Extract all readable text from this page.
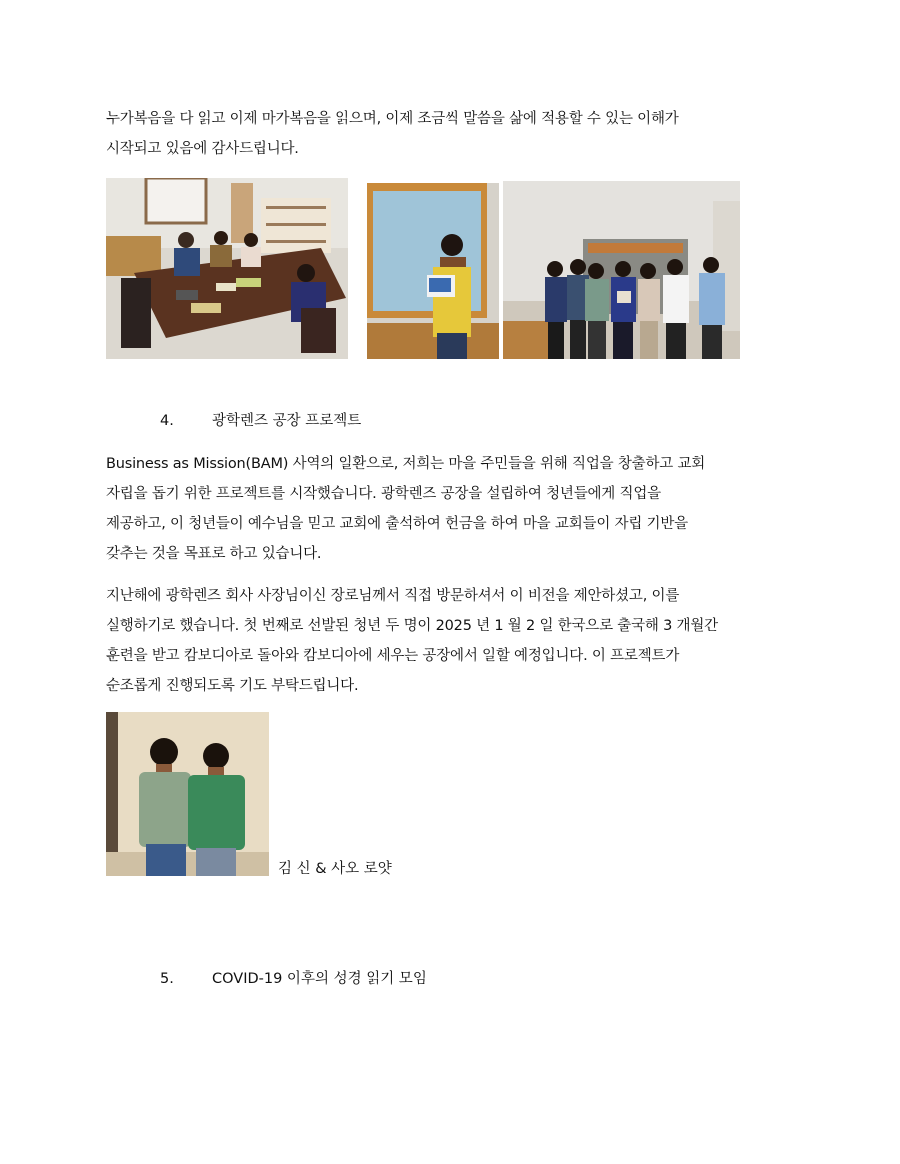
누가복음을 다 읽고 이제 마가복음을 읽으며, 이제 조금씩 말씀을 삶에 적용할 수 있는 이해가
시작되고 있음에 감사드립니다.
4.	광학렌즈 공장 프로젝트
Business as Mission(BAM) 사역의 일환으로, 저희는 마을 주민들을 위해 직업을 창출하고 교회
자립을 돕기 위한 프로젝트를 시작했습니다. 광학렌즈 공장을 설립하여 청년들에게 직업을
제공하고, 이 청년들이 예수님을 믿고 교회에 출석하여 헌금을 하여 마을 교회들이 자립 기반을
갖추는 것을 목표로 하고 있습니다.
지난해에 광학렌즈 회사 사장님이신 장로님께서 직접 방문하셔서 이 비전을 제안하셨고, 이를
실행하기로 했습니다. 첫 번째로 선발된 청년 두 명이 2025 년 1 월 2 일 한국으로 출국해 3 개월간
훈련을 받고 캄보디아로 돌아와 캄보디아에 세우는 공장에서 일할 예정입니다. 이 프로젝트가
순조롭게 진행되도록 기도 부탁드립니다.
김 신 & 사오 로얏
5.	COVID-19 이후의 성경 읽기 모임
